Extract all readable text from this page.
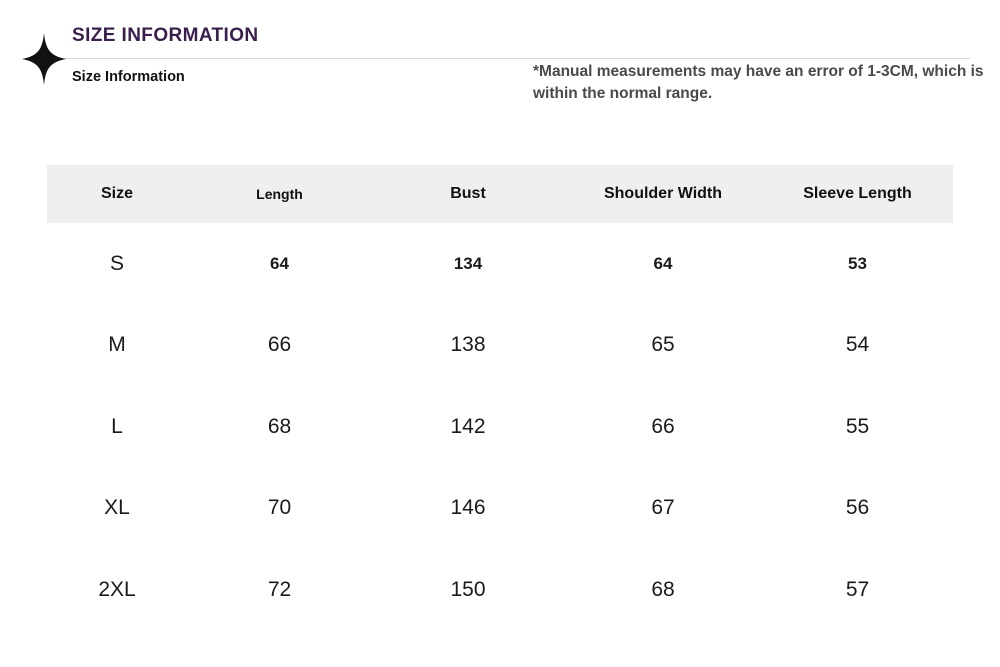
SIZE INFORMATION
Size Information	*Manual measurements may have an error of 1-3CM, which is within the normal range.
Size	Length	Bust	Shoulder Width	Sleeve Length
S	64	134	64	53
M	66	138	65	54
L	68	142	66	55
XL	70	146	67	56
2XL	72	150	68	57
